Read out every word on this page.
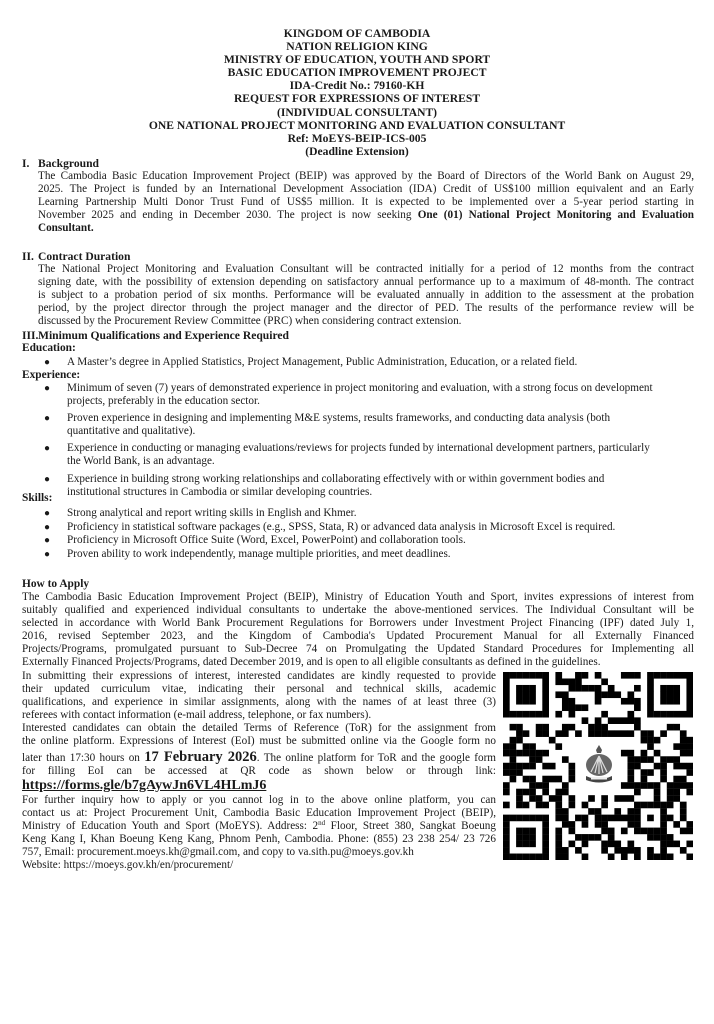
KINGDOM OF CAMBODIA
NATION RELIGION KING
MINISTRY OF EDUCATION, YOUTH AND SPORT
BASIC EDUCATION IMPROVEMENT PROJECT
IDA-Credit No.: 79160-KH
REQUEST FOR EXPRESSIONS OF INTEREST
(INDIVIDUAL CONSULTANT)
ONE NATIONAL PROJECT MONITORING AND EVALUATION CONSULTANT
Ref: MoEYS-BEIP-ICS-005
(Deadline Extension)
I. Background
The Cambodia Basic Education Improvement Project (BEIP) was approved by the Board of Directors of the World Bank on August 29,
2025. The Project is funded by an International Development Association (IDA) Credit of US$100 million equivalent and an Early
Learning Partnership Multi Donor Trust Fund of US$5 million. It is expected to be implemented over a 5-year period starting in
November 2025 and ending in December 2030. The project is now seeking One (01) National Project Monitoring and Evaluation
Consultant.
II. Contract Duration
The National Project Monitoring and Evaluation Consultant will be contracted initially for a period of 12 months from the contract
signing date, with the possibility of extension depending on satisfactory annual performance up to a maximum of 48-month. The contract
is subject to a probation period of six months. Performance will be evaluated annually in addition to the assessment at the probation
period, by the project director through the project manager and the director of PED. The results of the performance review will be
discussed by the Procurement Review Committee (PRC) when considering contract extension.
III.Minimum Qualifications and Experience Required
Education:
● A Master’s degree in Applied Statistics, Project Management, Public Administration, Education, or a related field.
Experience:
● Minimum of seven (7) years of demonstrated experience in project monitoring and evaluation, with a strong focus on development
projects, preferably in the education sector.
● Proven experience in designing and implementing M&E systems, results frameworks, and conducting data analysis (both
quantitative and qualitative).
● Experience in conducting or managing evaluations/reviews for projects funded by international development partners, particularly
the World Bank, is an advantage.
● Experience in building strong working relationships and collaborating effectively with or within government bodies and
institutional structures in Cambodia or similar developing countries.
Skills:
● Strong analytical and report writing skills in English and Khmer.
● Proficiency in statistical software packages (e.g., SPSS, Stata, R) or advanced data analysis in Microsoft Excel is required.
● Proficiency in Microsoft Office Suite (Word, Excel, PowerPoint) and collaboration tools.
● Proven ability to work independently, manage multiple priorities, and meet deadlines.
How to Apply
The Cambodia Basic Education Improvement Project (BEIP), Ministry of Education Youth and Sport, invites expressions of interest from
suitably qualified and experienced individual consultants to undertake the above-mentioned services. The Individual Consultant will be
selected in accordance with World Bank Procurement Regulations for Borrowers under Investment Project Financing (IPF) dated July 1,
2016, revised September 2023, and the Kingdom of Cambodia's Updated Procurement Manual for all Externally Financed
Projects/Programs, promulgated pursuant to Sub-Decree 74 on Promulgating the Updated Standard Procedures for Implementing all
Externally Financed Projects/Programs, dated December 2019, and is open to all eligible consultants as defined in the guidelines.
In submitting their expressions of interest, interested candidates are kindly requested to provide
their updated curriculum vitae, indicating their personal and technical skills, academic
qualifications, and experience in similar assignments, along with the names of at least three (3)
referees with contact information (e-mail address, telephone, or fax numbers).
Interested candidates can obtain the detailed Terms of Reference (ToR) for the assignment from
the online platform. Expressions of Interest (EoI) must be submitted online via the Google form no
later than 17:30 hours on 17 February 2026. The online platform for ToR and the google form
for filling EoI can be accessed at QR code as shown below or through link:
https://forms.gle/b7gAywJn6VL4HLmJ6
For further inquiry how to apply or you cannot log in to the above online platform, you can
contact us at: Project Procurement Unit, Cambodia Basic Education Improvement Project (BEIP),
Ministry of Education Youth and Sport (MoEYS). Address: 2nd Floor, Street 380, Sangkat Boeung
Keng Kang I, Khan Boeung Keng Kang, Phnom Penh, Cambodia. Phone: (855) 23 238 254/ 23 726
757, Email: procurement.moeys.kh@gmail.com, and copy to va.sith.pu@moeys.gov.kh
Website: https://moeys.gov.kh/en/procurement/
